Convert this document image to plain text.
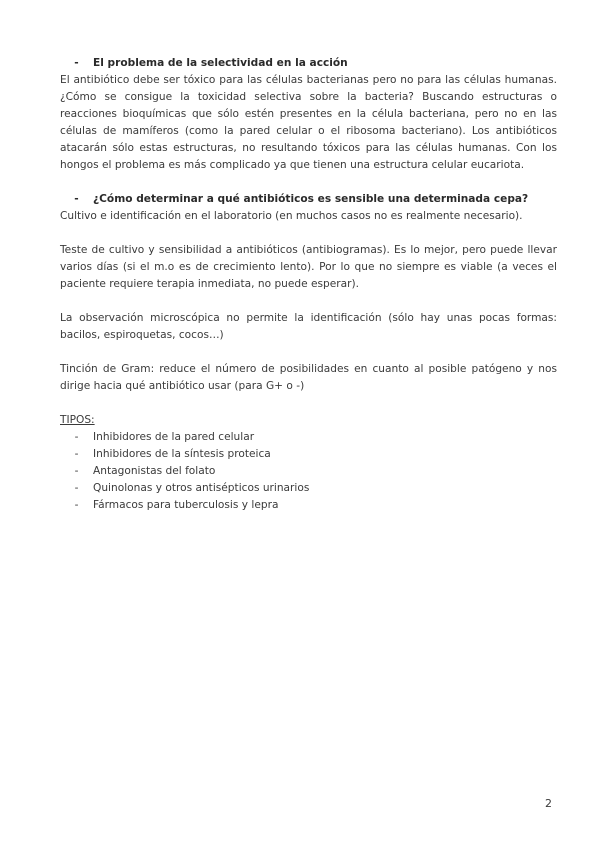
-	El problema de la selectividad en la acción

El antibiótico debe ser tóxico para las células bacterianas pero no para las células humanas. ¿Cómo se consigue la toxicidad selectiva sobre la bacteria? Buscando estructuras o reacciones bioquímicas que sólo estén presentes en la célula bacteriana, pero no en las células de mamíferos (como la pared celular o el ribosoma bacteriano). Los antibióticos atacarán sólo estas estructuras, no resultando tóxicos para las células humanas. Con los hongos el problema es más complicado ya que tienen una estructura celular eucariota.

-	¿Cómo determinar a qué antibióticos es sensible una determinada cepa?

Cultivo e identificación en el laboratorio (en muchos casos no es realmente necesario).

Teste de cultivo y sensibilidad a antibióticos (antibiogramas). Es lo mejor, pero puede llevar varios días (si el m.o es de crecimiento lento). Por lo que no siempre es viable (a veces el paciente requiere terapia inmediata, no puede esperar).

La observación microscópica no permite la identificación (sólo hay unas pocas formas: bacilos, espiroquetas, cocos…)

Tinción de Gram: reduce el número de posibilidades en cuanto al posible patógeno y nos dirige hacia qué antibiótico usar (para G+ o -)

TIPOS:

-	Inhibidores de la pared celular
-	Inhibidores de la síntesis proteica
-	Antagonistas del folato
-	Quinolonas y otros antisépticos urinarios
-	Fármacos para tuberculosis y lepra
2
